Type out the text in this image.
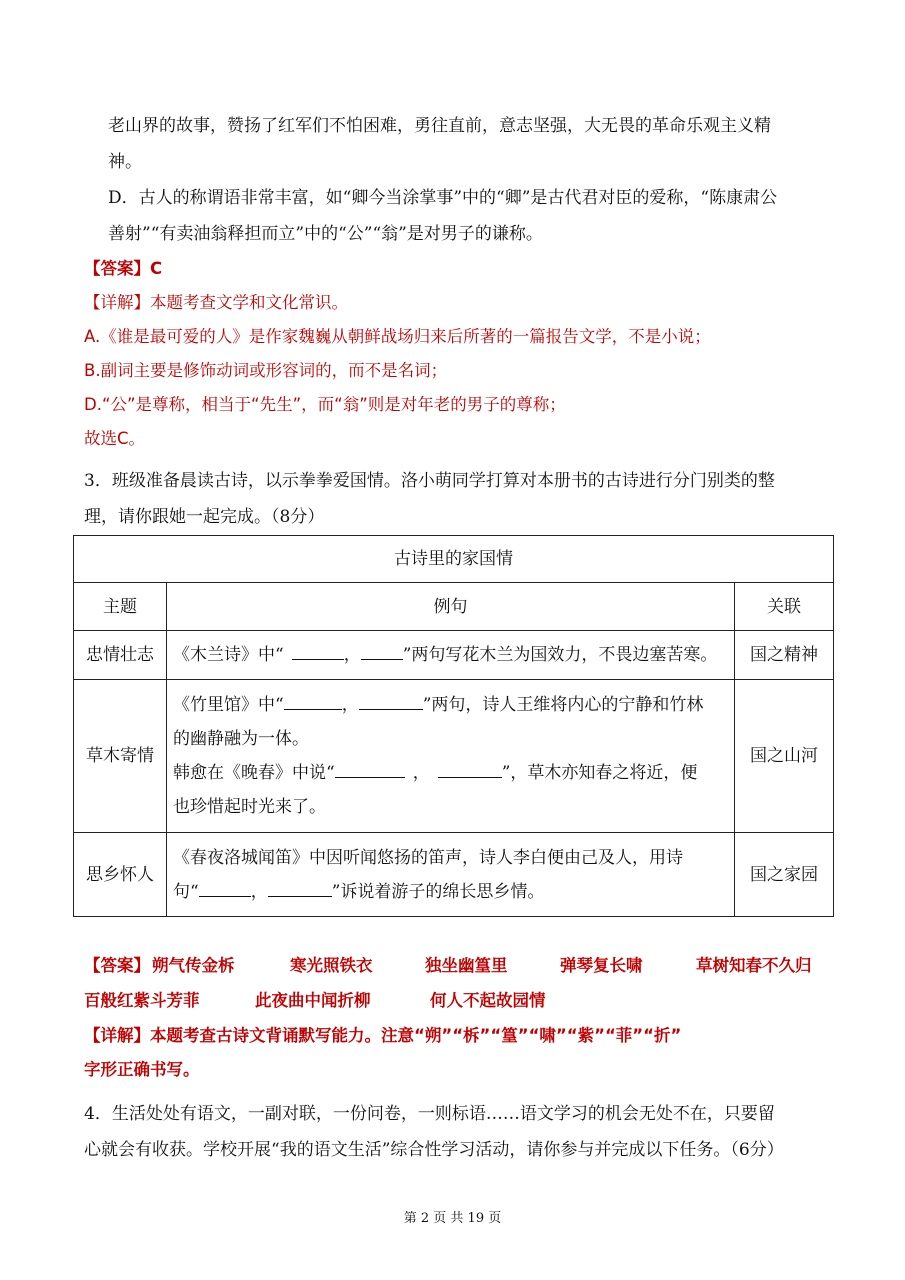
老山界的故事，赞扬了红军们不怕困难，勇往直前，意志坚强，大无畏的革命乐观主义精
神。
D．古人的称谓语非常丰富，如“卿今当涂掌事”中的“卿”是古代君对臣的爱称，“陈康肃公
善射”“有卖油翁释担而立”中的“公”“翁”是对男子的谦称。
【答案】C
【详解】本题考查文学和文化常识。
A.《谁是最可爱的人》是作家魏巍从朝鲜战场归来后所著的一篇报告文学，不是小说；
B.副词主要是修饰动词或形容词的，而不是名词；
D.“公”是尊称，相当于“先生”，而“翁”则是对年老的男子的尊称；
故选C。
3．班级准备晨读古诗，以示拳拳爱国情。洛小萌同学打算对本册书的古诗进行分门别类的整
理，请你跟她一起完成。（8分）
古诗里的家国情		
主题	例句	关联
忠情壮志	《木兰诗》中“ ， ”两句写花木兰为国效力，不畏边塞苦寒。	国之精神
草木寄情	《竹里馆》中“ ， ”两句，诗人王维将内心的宁静和竹林
的幽静融为一体。
韩愈在《晚春》中说“ ， ”，草木亦知春之将近，便
也珍惜起时光来了。	国之山河
思乡怀人	《春夜洛城闻笛》中因听闻悠扬的笛声，诗人李白便由己及人，用诗
句“ ， ”诉说着游子的绵长思乡情。	国之家园
【答案】 朔气传金柝	寒光照铁衣	独坐幽篁里	弹琴复长啸	草树知春不久归
百般红紫斗芳菲	此夜曲中闻折柳	何人不起故园情
【详解】本题考查古诗文背诵默写能力。注意“朔”“柝”“篁”“啸”“紫”“菲”“折”
字形正确书写。
4．生活处处有语文，一副对联，一份问卷，一则标语……语文学习的机会无处不在，只要留
心就会有收获。学校开展“我的语文生活”综合性学习活动，请你参与并完成以下任务。（6分）
第 2 页 共 19 页
